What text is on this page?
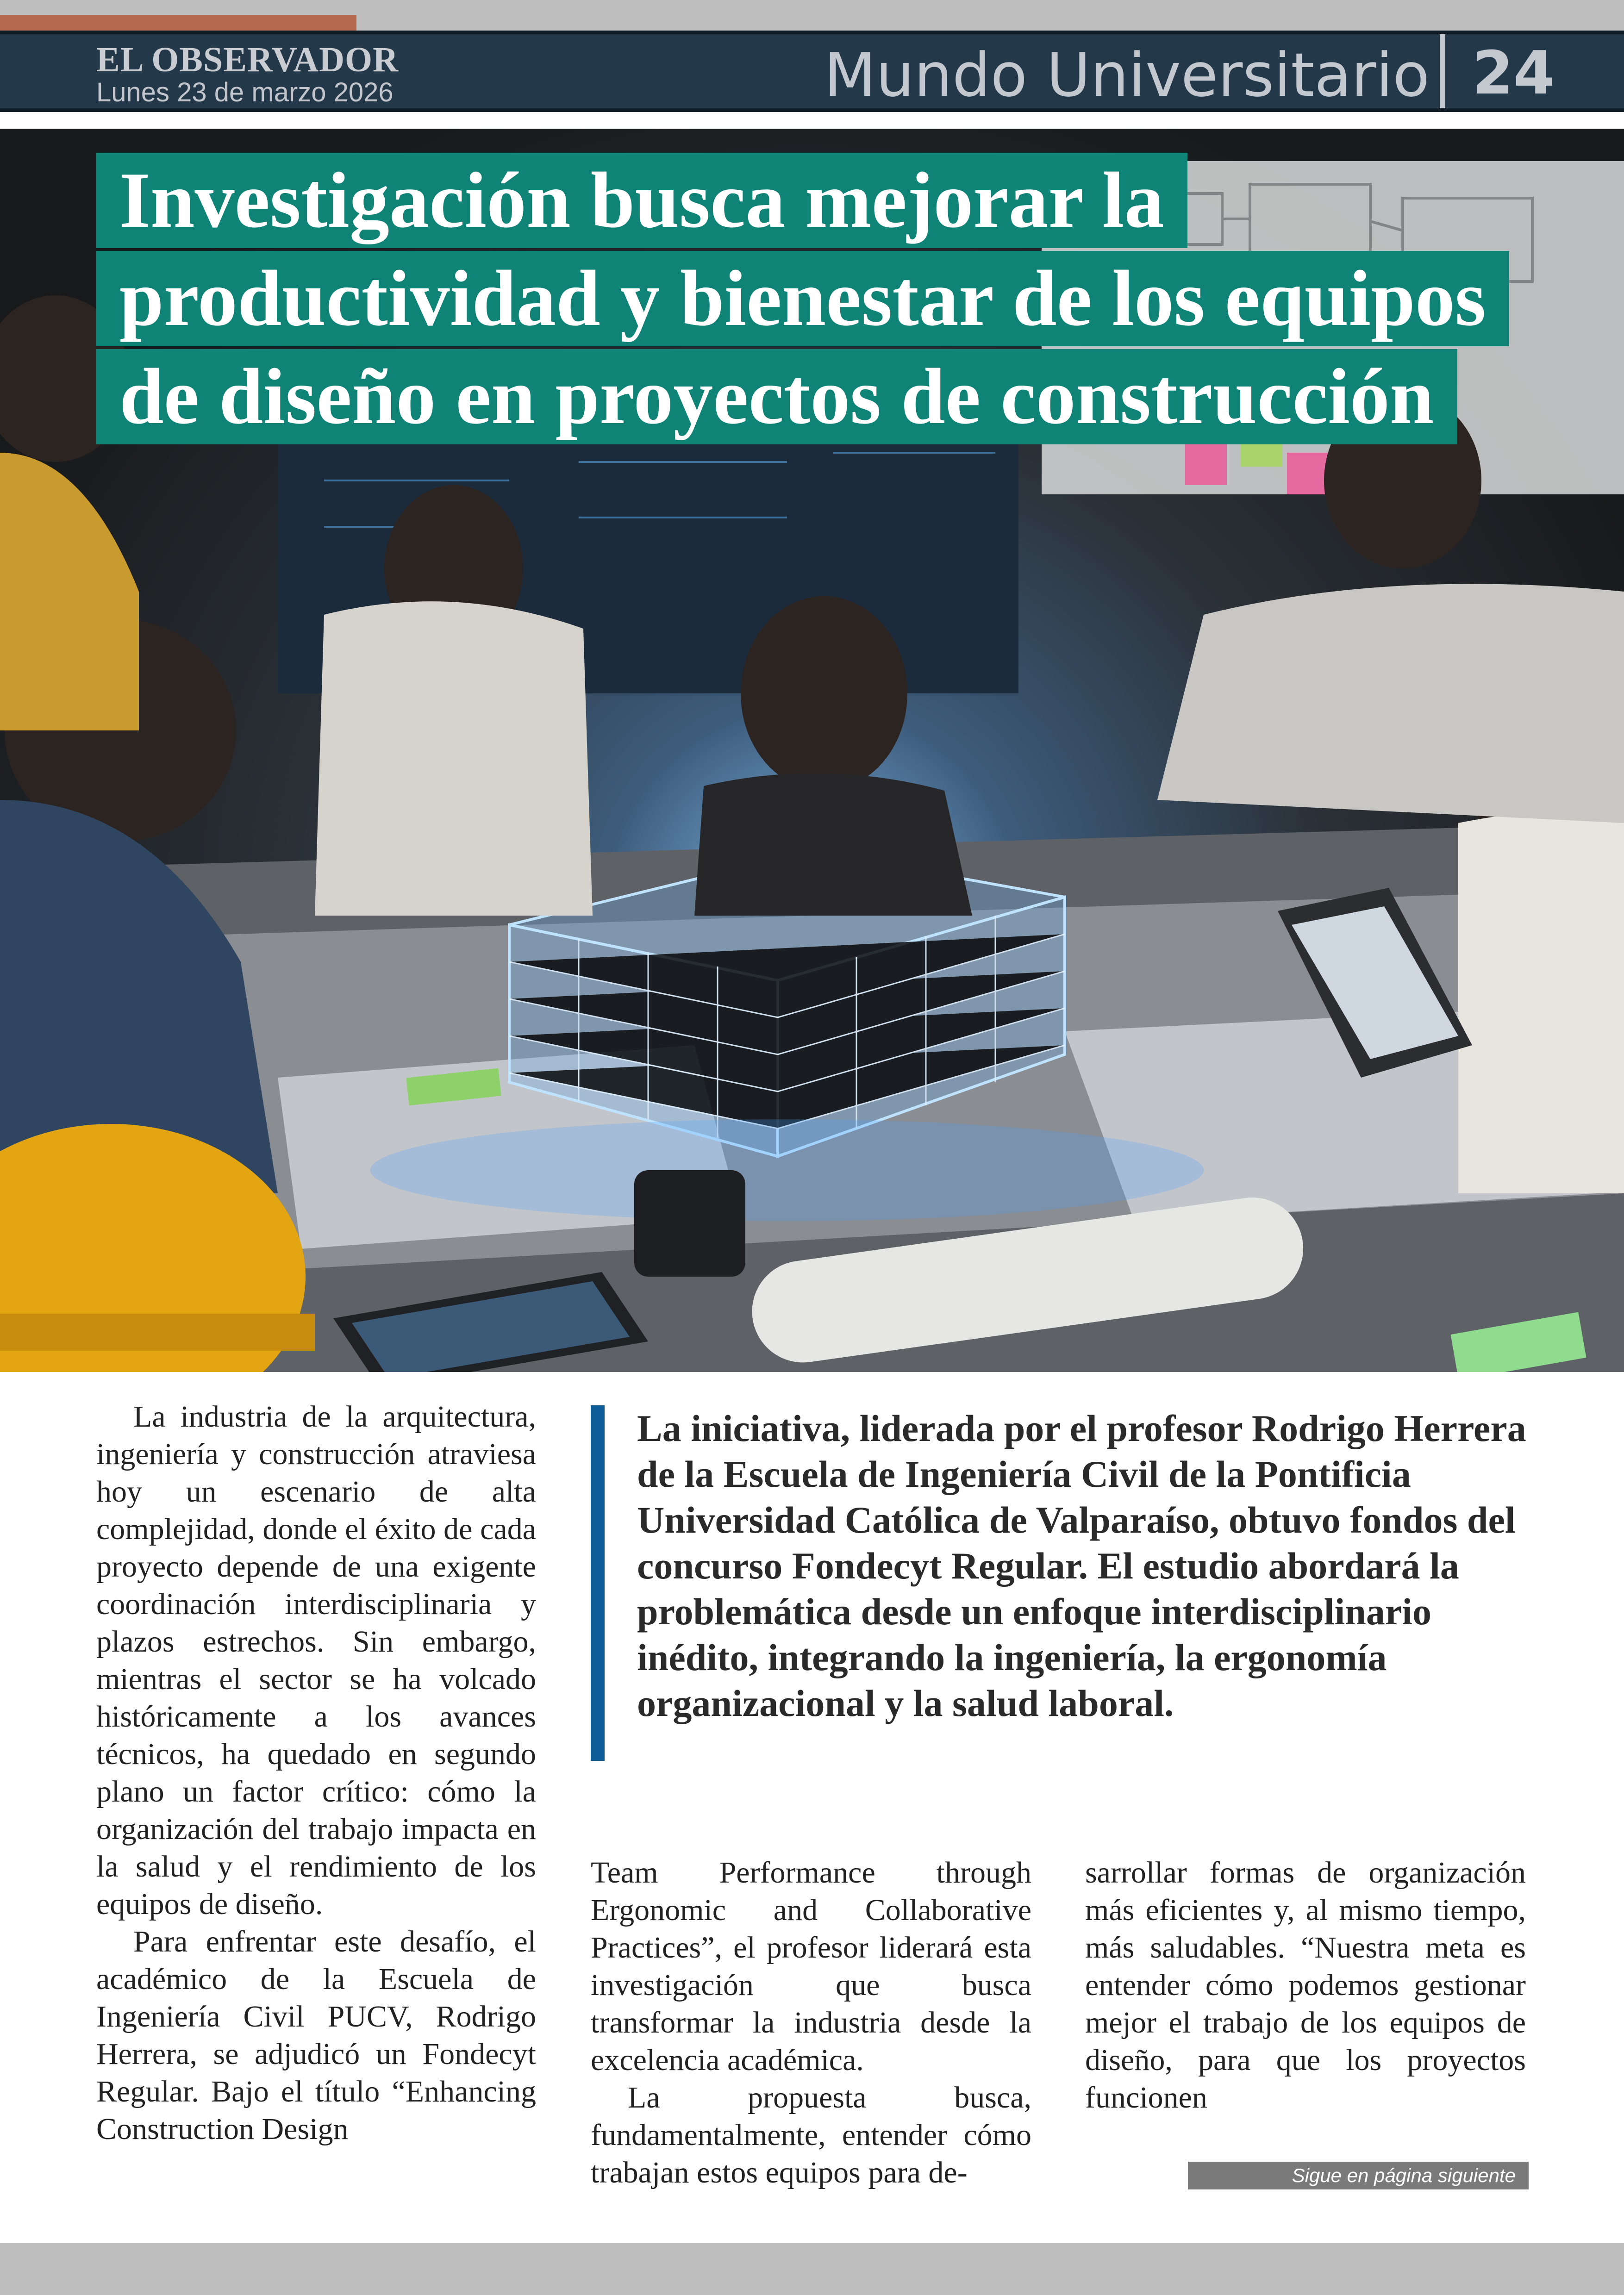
EL OBSERVADOR
Lunes 23 de marzo 2026	Mundo Universitario 24
Investigación busca mejorar la
productividad y bienestar de los equipos
de diseño en proyectos de construcción

La industria de la arquitectura, ingeniería y construcción atraviesa hoy un escenario de alta complejidad, donde el éxito de cada proyecto depende de una exigente coordinación interdisciplinaria y plazos estrechos. Sin embargo, mientras el sector se ha volcado históricamente a los avances técnicos, ha quedado en segundo plano un factor crítico: cómo la organización del trabajo impacta en la salud y el rendimiento de los equipos de diseño.

Para enfrentar este desafío, el académico de la Escuela de Ingeniería Civil PUCV, Rodrigo Herrera, se adjudicó un Fondecyt Regular. Bajo el título “Enhancing Construction Design

La iniciativa, liderada por el profesor Rodrigo Herrera de la Escuela de Ingeniería Civil de la Pontificia Universidad Católica de Valparaíso, obtuvo fondos del concurso Fondecyt Regular. El estudio abordará la problemática desde un enfoque interdisciplinario inédito, integrando la ingeniería, la ergonomía organizacional y la salud laboral.

Team Performance through Ergonomic and Collaborative Practices”, el profesor liderará esta investigación que busca transformar la industria desde la excelencia académica.

La propuesta busca, fundamentalmente, entender cómo trabajan estos equipos para de-

sarrollar formas de organización más eficientes y, al mismo tiempo, más saludables. “Nuestra meta es entender cómo podemos gestionar mejor el trabajo de los equipos de diseño, para que los proyectos funcionen

Sigue en página siguiente
